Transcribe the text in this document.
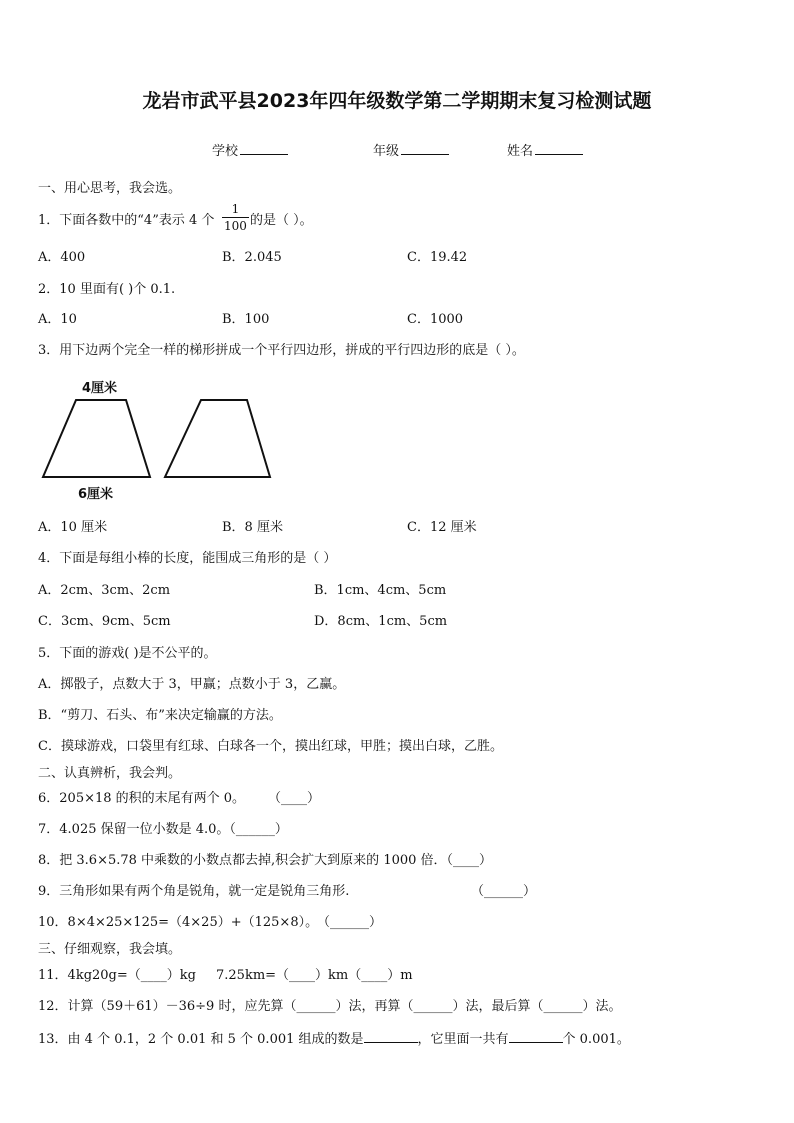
龙岩市武平县2023年四年级数学第二学期期末复习检测试题
学校	年级	姓名
一、用心思考，我会选。
1．下面各数中的“4”表示 4 个
1
100 的是（ ）。
A．400	B．2.045	C．19.42
2．10 里面有( )个 0.1.
A．10	B．100	C．1000
3．用下边两个完全一样的梯形拼成一个平行四边形，拼成的平行四边形的底是（ ）。
4厘米
6厘米
A．10 厘米	B．8 厘米	C．12 厘米
4．下面是每组小棒的长度，能围成三角形的是（ ）
A．2cm、3cm、2cm	B．1cm、4cm、5cm
C．3cm、9cm、5cm	D．8cm、1cm、5cm
5．下面的游戏( )是不公平的。
A．掷骰子，点数大于 3，甲赢；点数小于 3，乙赢。
B．“剪刀、石头、布”来决定输赢的方法。
C．摸球游戏，口袋里有红球、白球各一个，摸出红球，甲胜；摸出白球，乙胜。
二、认真辨析，我会判。
6．205×18 的积的末尾有两个 0。 （____）
7．4.025 保留一位小数是 4.0。（______）
8．把 3.6×5.78 中乘数的小数点都去掉,积会扩大到原来的 1000 倍．（____）
9．三角形如果有两个角是锐角，就一定是锐角三角形.	（______）
10．8×4×25×125=（4×25）+（125×8）。
（______）
三、仔细观察，我会填。
11．4kg20g=（____）kg 7.25km=（____）km（____）m
12．计算（59＋61）－36÷9 时，应先算（______）法，再算（______）法，最后算（______）法。
13．由 4 个 0.1，2 个 0.01 和 5 个 0.001 组成的数是	，它里面一共有	个 0.001。
